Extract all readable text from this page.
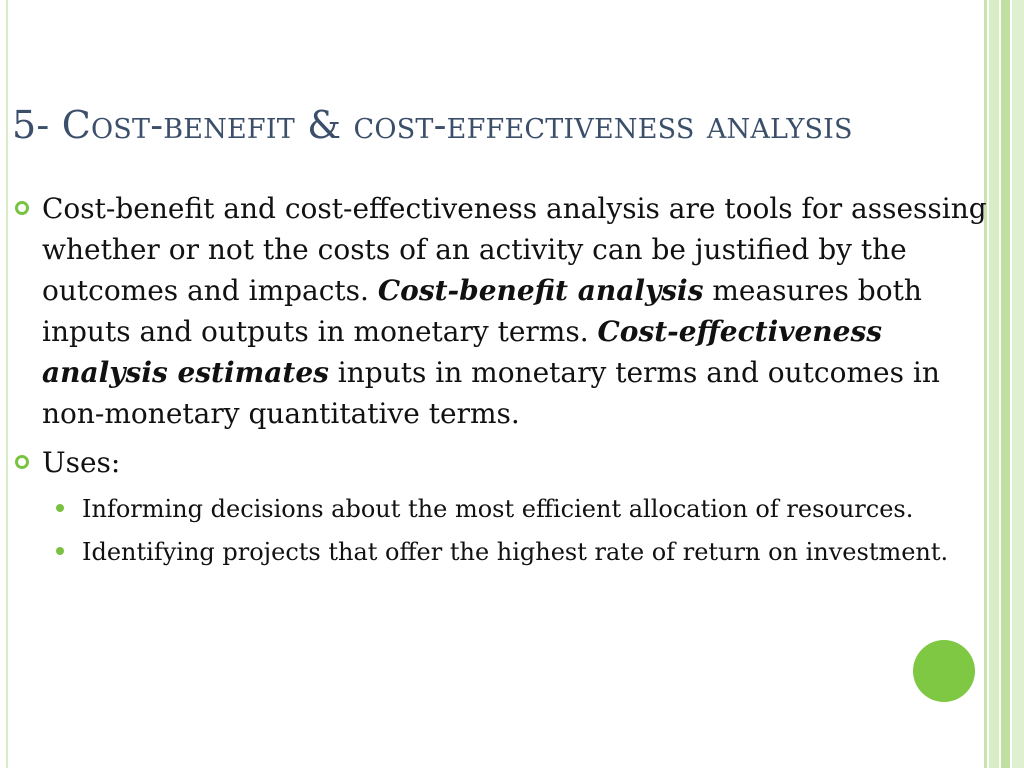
5- Cost-benefit & cost-effectiveness analysis
Cost-benefit and cost-effectiveness analysis are tools for assessing whether or not the costs of an activity can be justified by the outcomes and impacts. Cost-benefit analysis measures both inputs and outputs in monetary terms. Cost-effectiveness analysis estimates inputs in monetary terms and outcomes in non-monetary quantitative terms.
Uses:
Informing decisions about the most efficient allocation of resources.
Identifying projects that offer the highest rate of return on investment.
